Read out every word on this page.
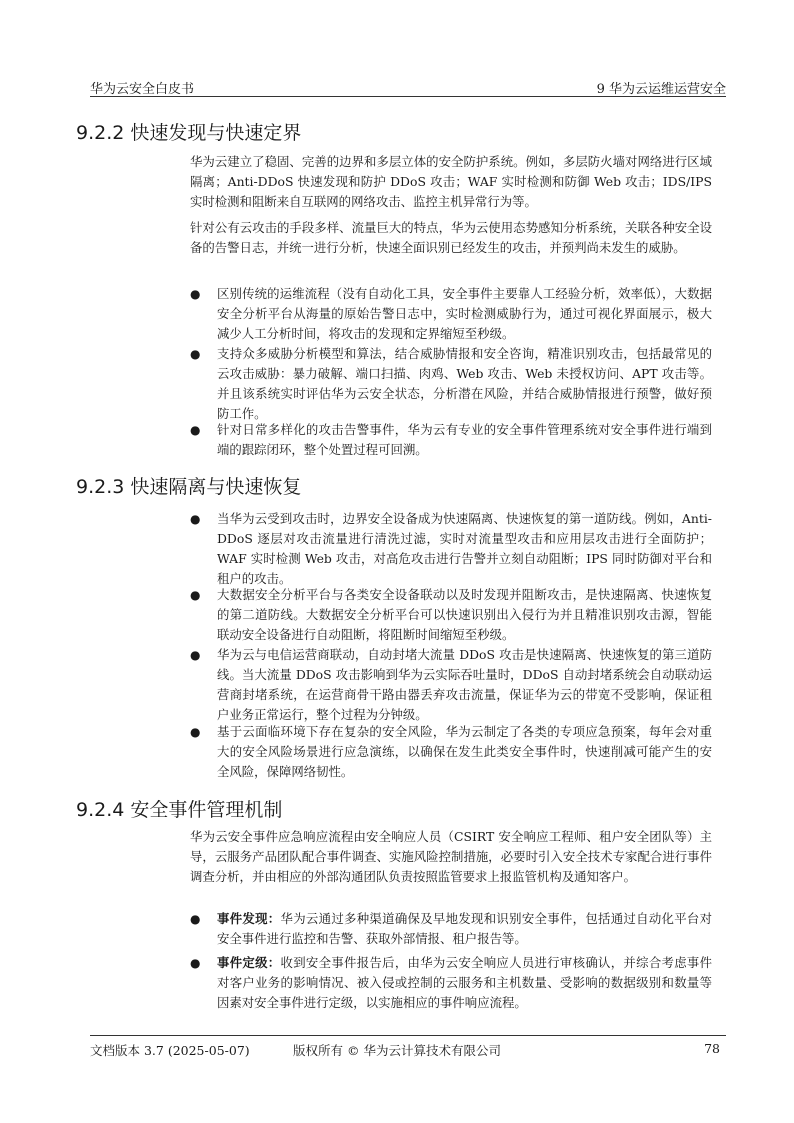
华为云安全白皮书	9 华为云运维运营安全
9.2.2 快速发现与快速定界

华为云建立了稳固、完善的边界和多层立体的安全防护系统。例如，多层防火墙对网络进行区域隔离；Anti-DDoS 快速发现和防护 DDoS 攻击；WAF 实时检测和防御 Web 攻击；IDS/IPS 实时检测和阻断来自互联网的网络攻击、监控主机异常行为等。

针对公有云攻击的手段多样、流量巨大的特点，华为云使用态势感知分析系统，关联各种安全设备的告警日志，并统一进行分析，快速全面识别已经发生的攻击，并预判尚未发生的威胁。

● 区别传统的运维流程（没有自动化工具，安全事件主要靠人工经验分析，效率低），大数据安全分析平台从海量的原始告警日志中，实时检测威胁行为，通过可视化界面展示，极大减少人工分析时间，将攻击的发现和定界缩短至秒级。
● 支持众多威胁分析模型和算法，结合威胁情报和安全咨询，精准识别攻击，包括最常见的云攻击威胁：暴力破解、端口扫描、肉鸡、Web 攻击、Web 未授权访问、APT 攻击等。并且该系统实时评估华为云安全状态，分析潜在风险，并结合威胁情报进行预警，做好预防工作。
● 针对日常多样化的攻击告警事件，华为云有专业的安全事件管理系统对安全事件进行端到端的跟踪闭环，整个处置过程可回溯。
9.2.3 快速隔离与快速恢复
● 当华为云受到攻击时，边界安全设备成为快速隔离、快速恢复的第一道防线。例如，Anti-DDoS 逐层对攻击流量进行清洗过滤，实时对流量型攻击和应用层攻击进行全面防护；WAF 实时检测 Web 攻击，对高危攻击进行告警并立刻自动阻断；IPS 同时防御对平台和租户的攻击。
● 大数据安全分析平台与各类安全设备联动以及时发现并阻断攻击，是快速隔离、快速恢复的第二道防线。大数据安全分析平台可以快速识别出入侵行为并且精准识别攻击源，智能联动安全设备进行自动阻断，将阻断时间缩短至秒级。
● 华为云与电信运营商联动，自动封堵大流量 DDoS 攻击是快速隔离、快速恢复的第三道防线。当大流量 DDoS 攻击影响到华为云实际吞吐量时，DDoS 自动封堵系统会自动联动运营商封堵系统，在运营商骨干路由器丢弃攻击流量，保证华为云的带宽不受影响，保证租户业务正常运行，整个过程为分钟级。
● 基于云面临环境下存在复杂的安全风险，华为云制定了各类的专项应急预案，每年会对重大的安全风险场景进行应急演练，以确保在发生此类安全事件时，快速削减可能产生的安全风险，保障网络韧性。
9.2.4 安全事件管理机制

华为云安全事件应急响应流程由安全响应人员（CSIRT 安全响应工程师、租户安全团队等）主导，云服务产品团队配合事件调查、实施风险控制措施，必要时引入安全技术专家配合进行事件调查分析，并由相应的外部沟通团队负责按照监管要求上报监管机构及通知客户。

● 事件发现：华为云通过多种渠道确保及早地发现和识别安全事件，包括通过自动化平台对安全事件进行监控和告警、获取外部情报、租户报告等。
● 事件定级：收到安全事件报告后，由华为云安全响应人员进行审核确认，并综合考虑事件对客户业务的影响情况、被入侵或控制的云服务和主机数量、受影响的数据级别和数量等因素对安全事件进行定级，以实施相应的事件响应流程。
文档版本 3.7 (2025-05-07)	版权所有 © 华为云计算技术有限公司	78
